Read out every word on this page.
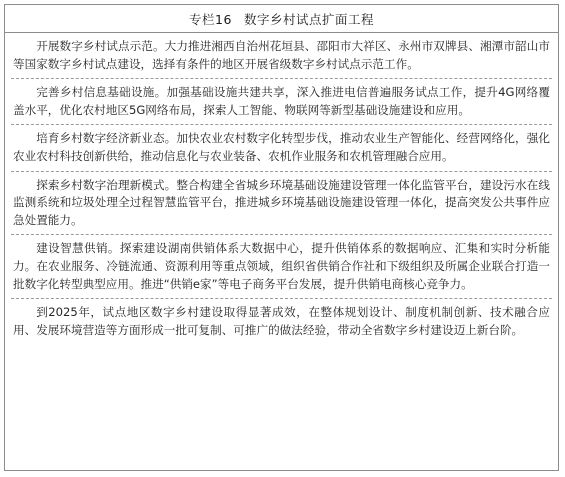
专栏16 数字乡村试点扩面工程

开展数字乡村试点示范。大力推进湘西自治州花垣县、邵阳市大祥区、永州市双牌县、湘潭市韶山市等国家数字乡村试点建设，选择有条件的地区开展省级数字乡村试点示范工作。

完善乡村信息基础设施。加强基础设施共建共享，深入推进电信普遍服务试点工作，提升4G网络覆盖水平，优化农村地区5G网络布局，探索人工智能、物联网等新型基础设施建设和应用。

培育乡村数字经济新业态。加快农业农村数字化转型步伐，推动农业生产智能化、经营网络化，强化农业农村科技创新供给，推动信息化与农业装备、农机作业服务和农机管理融合应用。

探索乡村数字治理新模式。整合构建全省城乡环境基础设施建设管理一体化监管平台，建设污水在线监测系统和垃圾处理全过程智慧监管平台，推进城乡环境基础设施建设管理一体化，提高突发公共事件应急处置能力。

建设智慧供销。探索建设湖南供销体系大数据中心，提升供销体系的数据响应、汇集和实时分析能力。在农业服务、冷链流通、资源利用等重点领域，组织省供销合作社和下级组织及所属企业联合打造一批数字化转型典型应用。推进“供销e家”等电子商务平台发展，提升供销电商核心竞争力。

到2025年，试点地区数字乡村建设取得显著成效，在整体规划设计、制度机制创新、技术融合应用、发展环境营造等方面形成一批可复制、可推广的做法经验，带动全省数字乡村建设迈上新台阶。
